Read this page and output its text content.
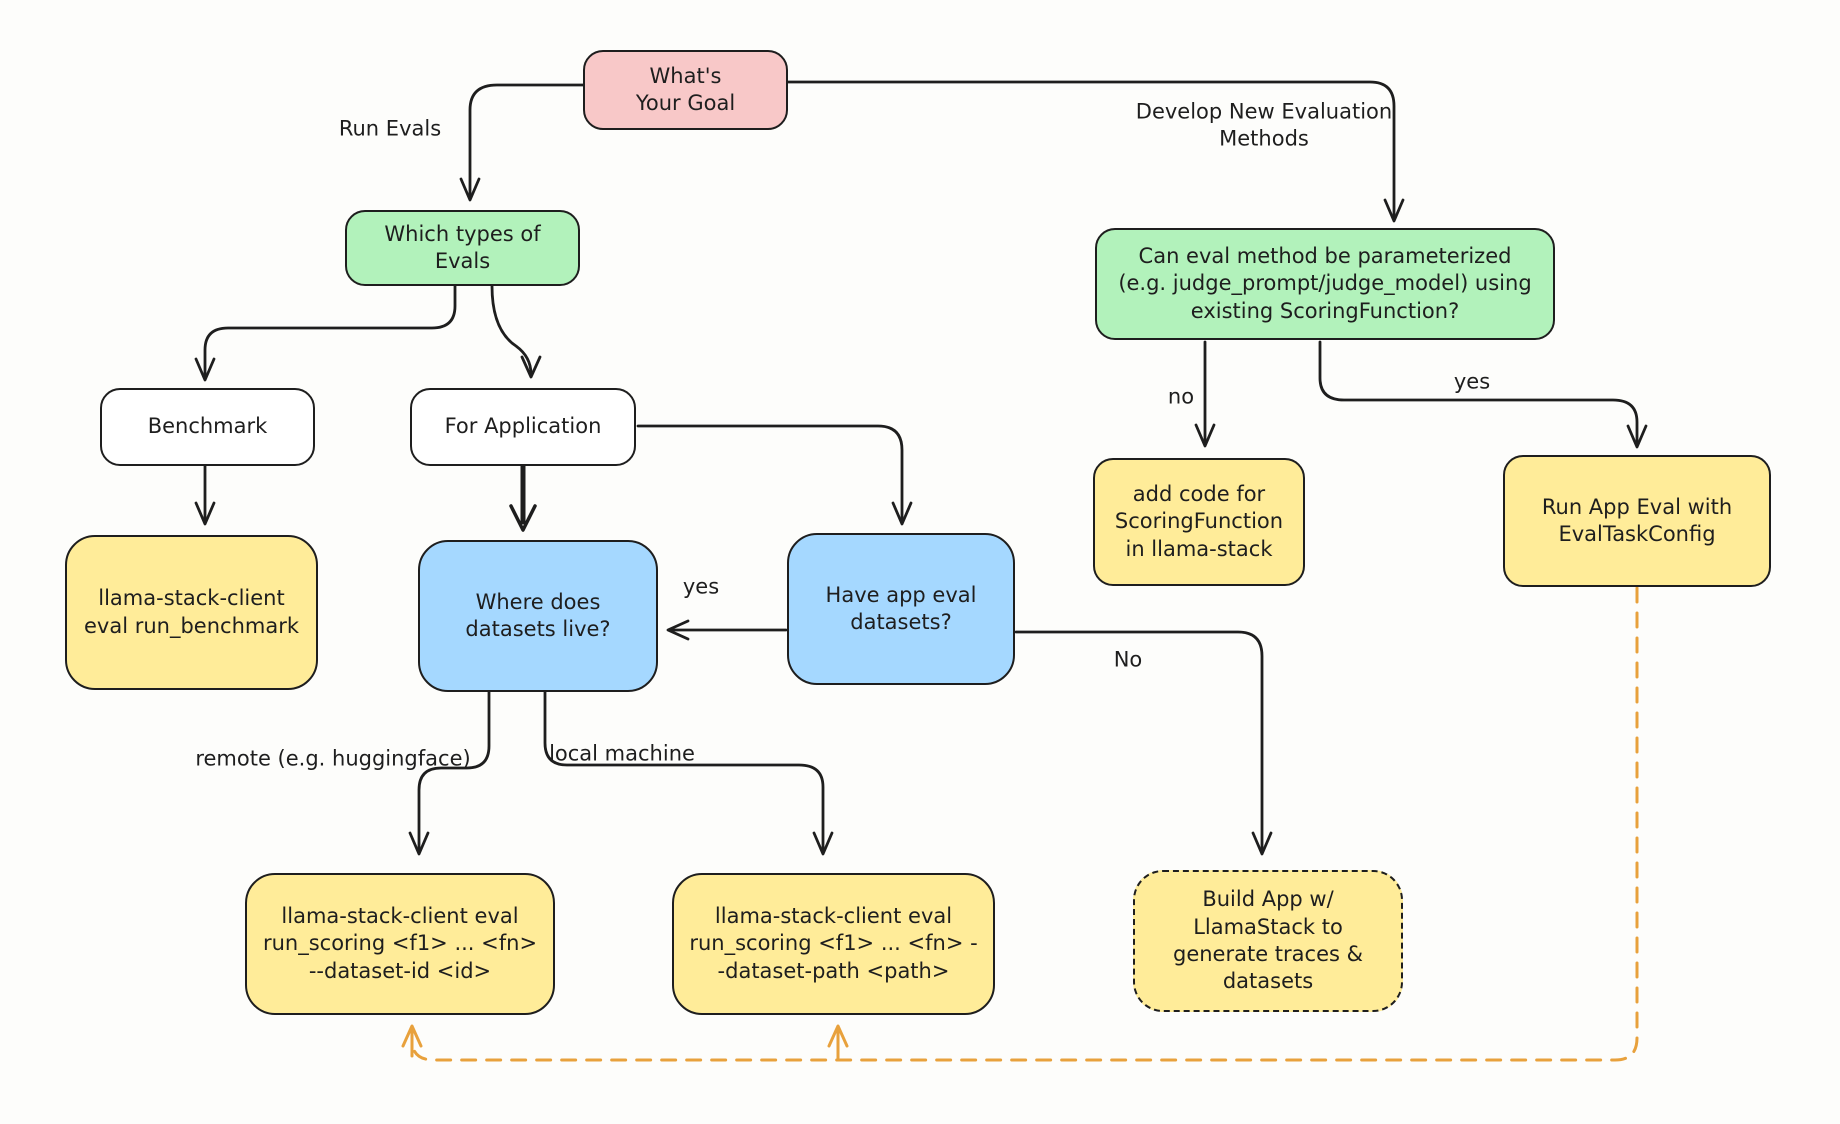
What's Your Goal
Which types of Evals	Can eval method be parameterized (e.g. judge_prompt/judge_model) using existing ScoringFunction?
Benchmark	For Application
llama-stack-client eval run_benchmark
Where does datasets live?
Have app eval datasets?
add code for ScoringFunction in llama-stack
Run App Eval with EvalTaskConfig
llama-stack-client eval run_scoring <f1> ... <fn> --dataset-id <id>
llama-stack-client eval run_scoring <f1> ... <fn> --dataset-path <path>
Build App w/ LlamaStack to generate traces & datasets
Run Evals
Develop New Evaluation Methods
no
yes
yes
No
remote (e.g. huggingface)	local machine
